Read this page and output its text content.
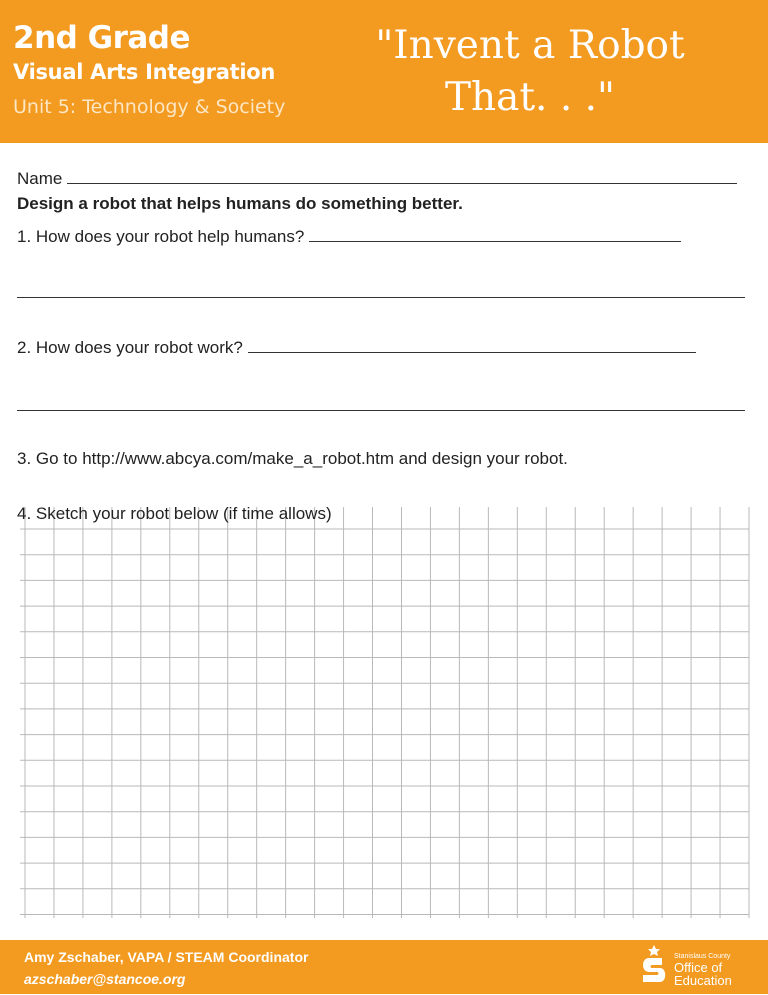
2nd Grade
Visual Arts Integration
Unit 5: Technology & Society
"Invent a Robot
That. . ."
Name
Design a robot that helps humans do something better.
1. How does your robot help humans?
2. How does your robot work?
3. Go to http://www.abcya.com/make_a_robot.htm and design your robot.
4. Sketch your robot below (if time allows)
Amy Zschaber, VAPA / STEAM Coordinator
azschaber@stancoe.org
Stanislaus County
Office of
Education
